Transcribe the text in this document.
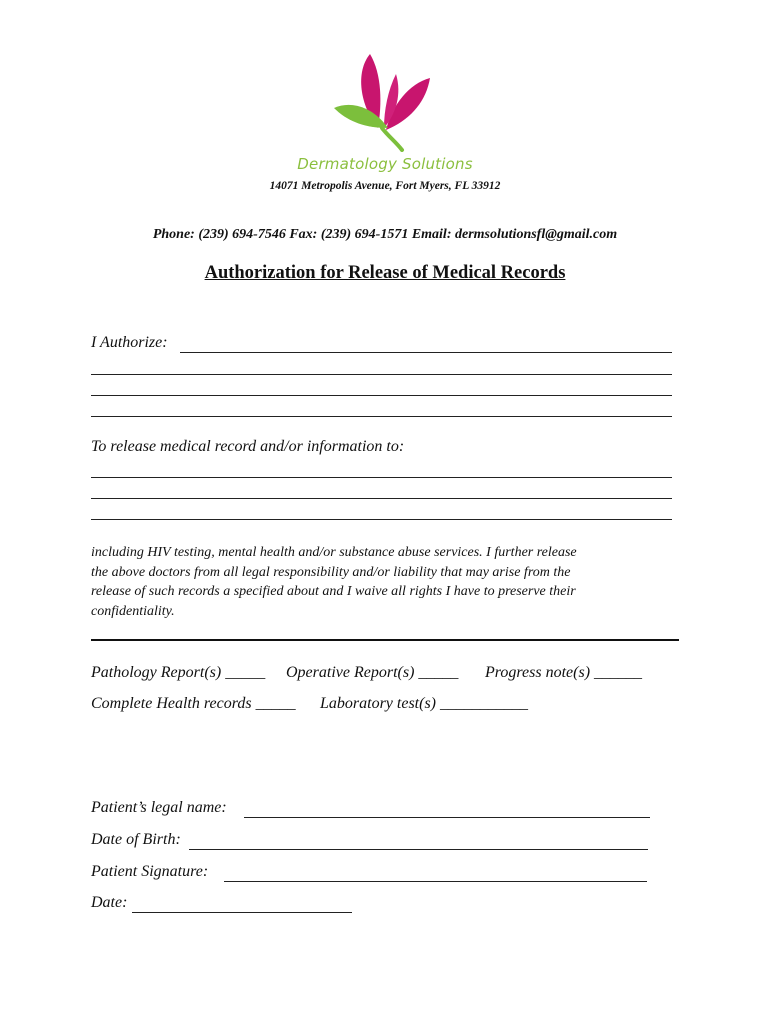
Dermatology Solutions
14071 Metropolis Avenue, Fort Myers, FL 33912
Phone: (239) 694-7546 Fax: (239) 694-1571 Email: dermsolutionsfl@gmail.com
Authorization for Release of Medical Records
I Authorize:
To release medical record and/or information to:
including HIV testing, mental health and/or substance abuse services. I further release
the above doctors from all legal responsibility and/or liability that may arise from the
release of such records a specified about and I waive all rights I have to preserve their
confidentiality.
Pathology Report(s) _____ Operative Report(s) _____ Progress note(s) ______
Complete Health records _____ Laboratory test(s) ___________
Patient’s legal name:
Date of Birth:
Patient Signature:
Date:
